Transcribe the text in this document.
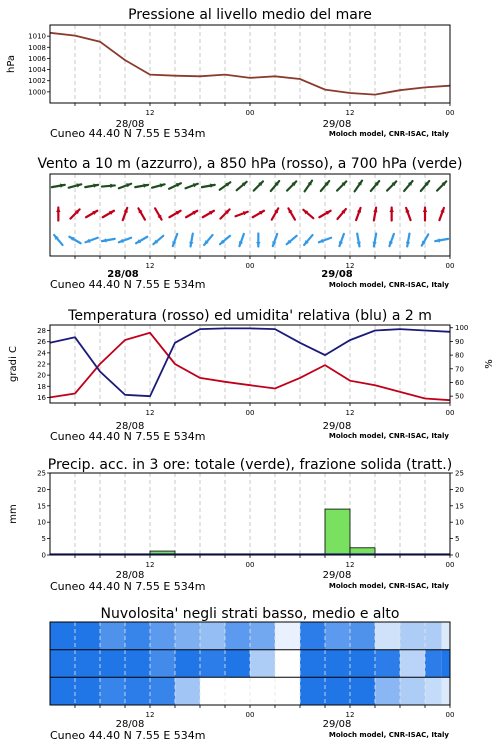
Pressione al livello medio del mare
hPa
1000
1002
1004
1006
1008
1010
12	00	12	00
28/08	29/08
Cuneo 44.40 N 7.55 E 534m	Moloch model, CNR-ISAC, Italy
Vento a 10 m (azzurro), a 850 hPa (rosso), a 700 hPa (verde)
12	00	12	00
28/08	29/08
Cuneo 44.40 N 7.55 E 534m	Moloch model, CNR-ISAC, Italy
Temperatura (rosso) ed umidita' relativa (blu) a 2 m
gradi C	%
16
18
20
22
24
26
28
50
60
70
80
90
100
12	00	12	00
28/08	29/08
Cuneo 44.40 N 7.55 E 534m	Moloch model, CNR-ISAC, Italy
Precip. acc. in 3 ore: totale (verde), frazione solida (tratt.)
mm
0
5
10
15
20
25
0
5
10
15
20
25
12	00	12	00
28/08	29/08
Cuneo 44.40 N 7.55 E 534m	Moloch model, CNR-ISAC, Italy
Nuvolosita' negli strati basso, medio e alto
12	00	12	00
28/08	29/08
Cuneo 44.40 N 7.55 E 534m	Moloch model, CNR-ISAC, Italy
